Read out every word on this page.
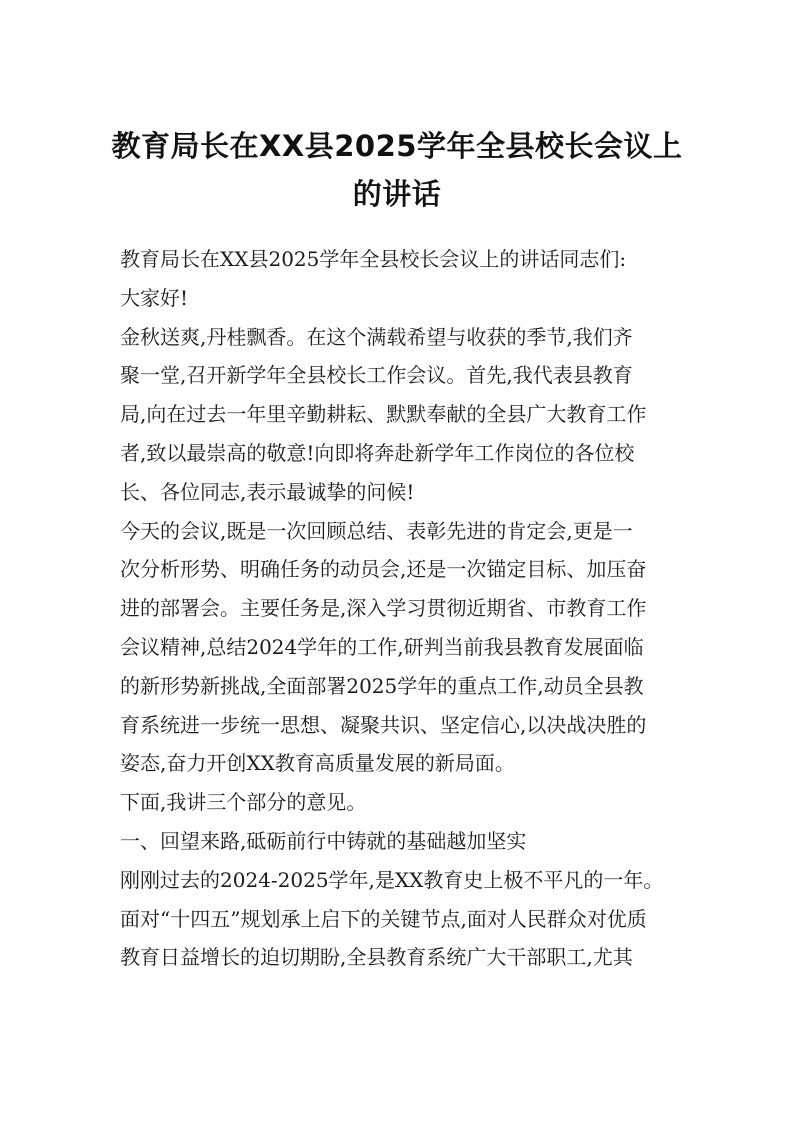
教育局长在XX县2025学年全县校长会议上
的讲话

教育局长在XX县2025学年全县校长会议上的讲话同志们:

大家好!

金秋送爽,丹桂飘香。在这个满载希望与收获的季节,我们齐
聚一堂,召开新学年全县校长工作会议。首先,我代表县教育
局,向在过去一年里辛勤耕耘、默默奉献的全县广大教育工作
者,致以最崇高的敬意!向即将奔赴新学年工作岗位的各位校
长、各位同志,表示最诚挚的问候!

今天的会议,既是一次回顾总结、表彰先进的肯定会,更是一
次分析形势、明确任务的动员会,还是一次锚定目标、加压奋
进的部署会。主要任务是,深入学习贯彻近期省、市教育工作
会议精神,总结2024学年的工作,研判当前我县教育发展面临
的新形势新挑战,全面部署2025学年的重点工作,动员全县教
育系统进一步统一思想、凝聚共识、坚定信心,以决战决胜的
姿态,奋力开创XX教育高质量发展的新局面。

下面,我讲三个部分的意见。

一、回望来路,砥砺前行中铸就的基础越加坚实

刚刚过去的2024-2025学年,是XX教育史上极不平凡的一年。
面对“十四五”规划承上启下的关键节点,面对人民群众对优质
教育日益增长的迫切期盼,全县教育系统广大干部职工,尤其
